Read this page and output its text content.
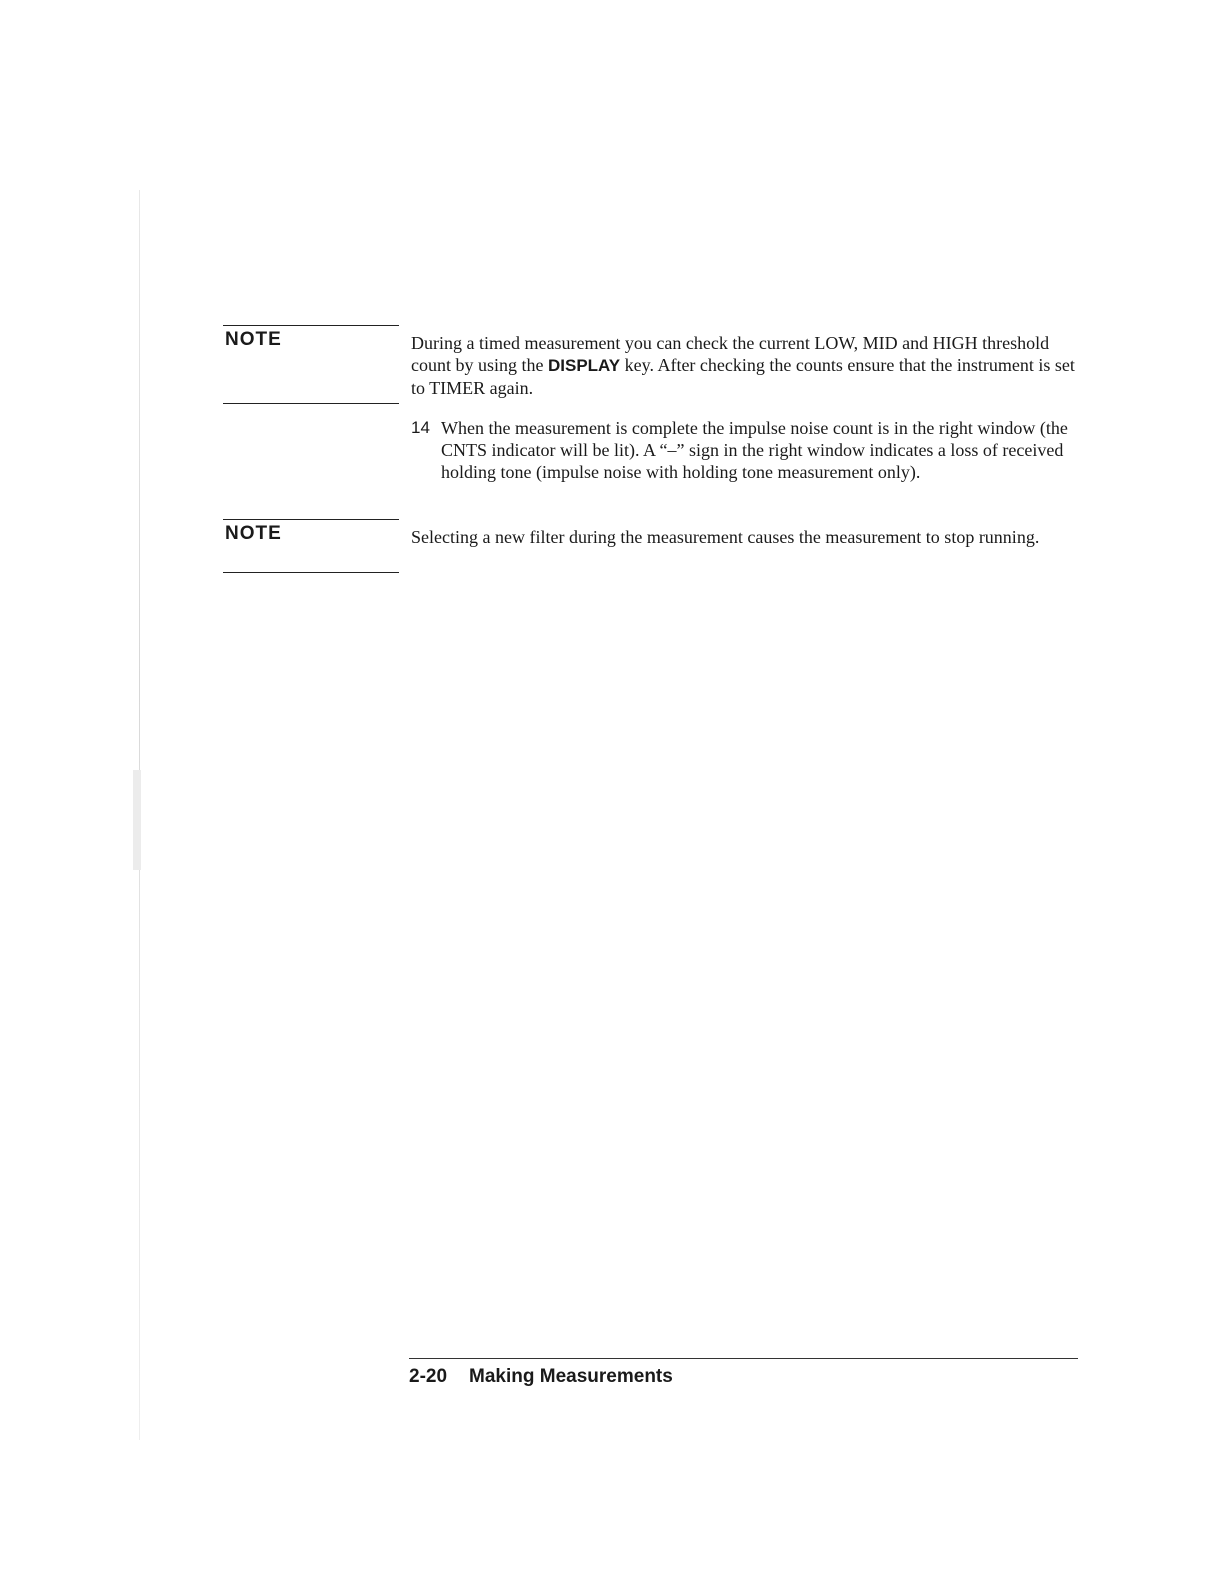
NOTE	During a timed measurement you can check the current LOW, MID and HIGH threshold count by using the DISPLAY key. After checking the counts ensure that the instrument is set to TIMER again.

14 When the measurement is complete the impulse noise count is in the right window (the CNTS indicator will be lit). A “–” sign in the right window indicates a loss of received holding tone (impulse noise with holding tone measurement only).
NOTE	Selecting a new filter during the measurement causes the measurement to stop running.

2-20 Making Measurements
